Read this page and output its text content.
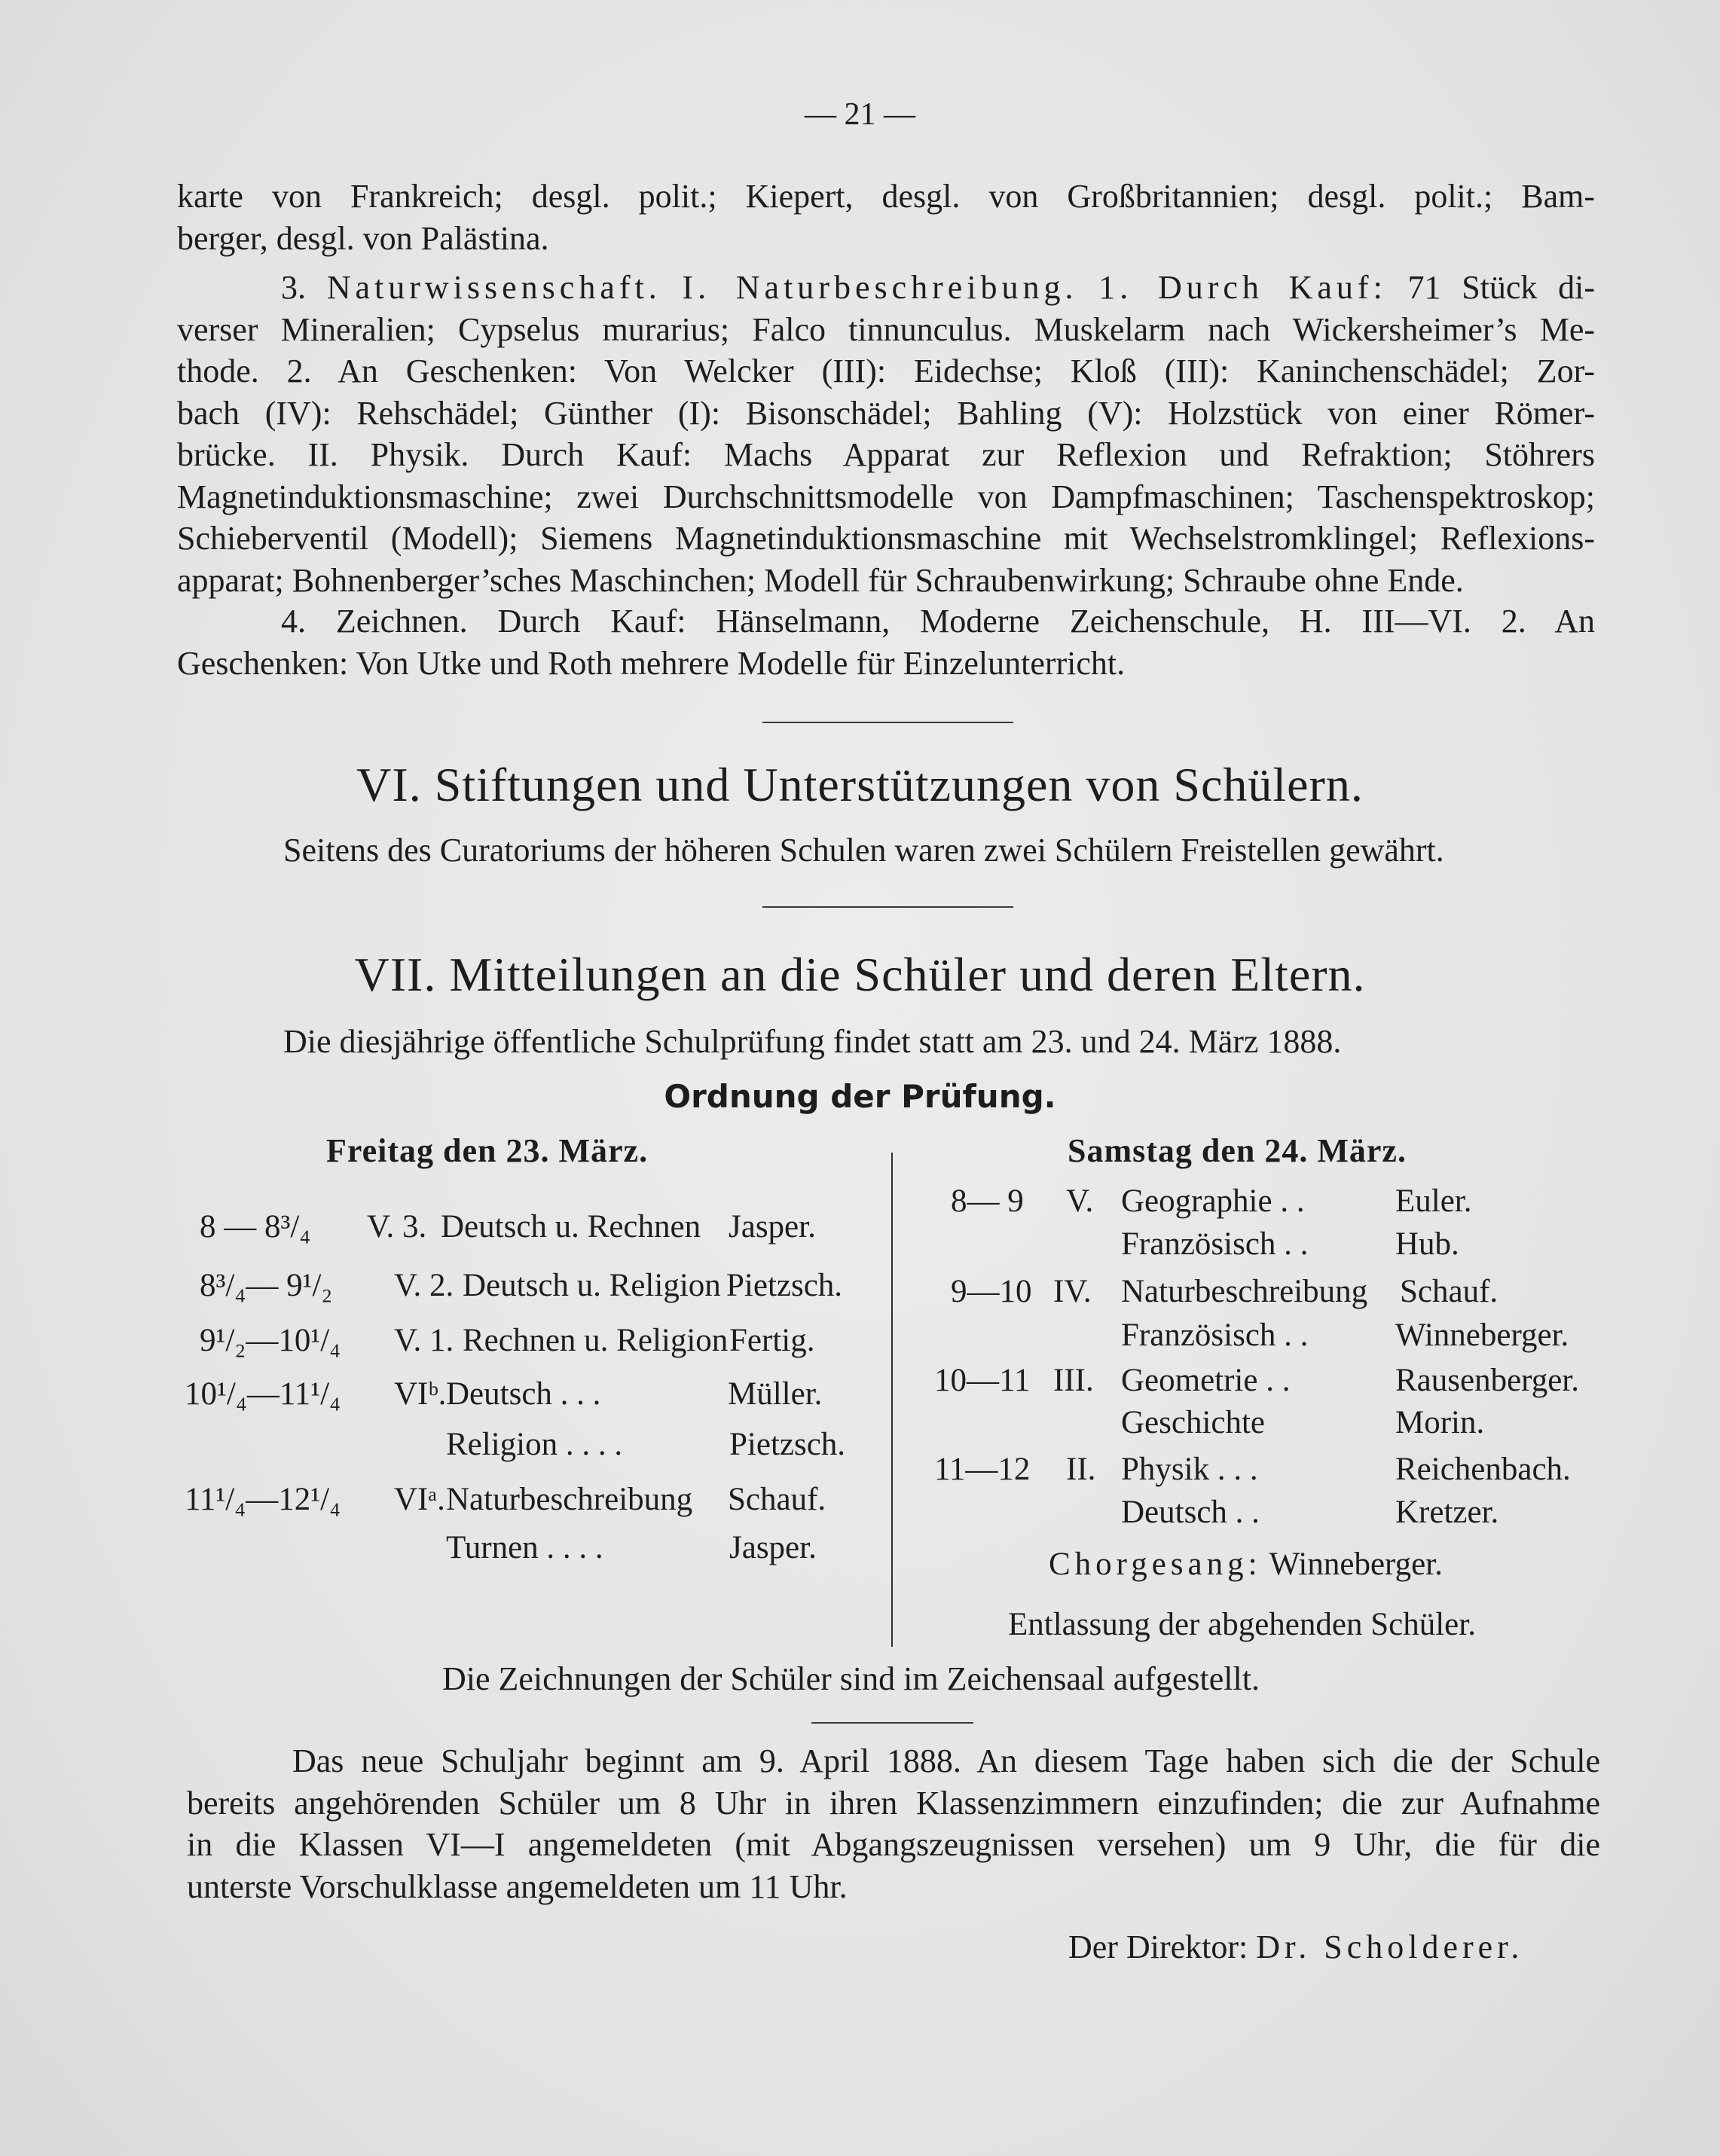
— 21 —
karte von Frankreich; desgl. polit.; Kiepert, desgl. von Großbritannien; desgl. polit.; Bam-
berger, desgl. von Palästina.
3. Naturwissenschaft. I. Naturbeschreibung. 1. Durch Kauf: 71 Stück di-
verser Mineralien; Cypselus murarius; Falco tinnunculus. Muskelarm nach Wickersheimer’s Me-
thode. 2. An Geschenken: Von Welcker (III): Eidechse; Kloß (III): Kaninchenschädel; Zor-
bach (IV): Rehschädel; Günther (I): Bisonschädel; Bahling (V): Holzstück von einer Römer-
brücke. II. Physik. Durch Kauf: Machs Apparat zur Reflexion und Refraktion; Stöhrers
Magnetinduktionsmaschine; zwei Durchschnittsmodelle von Dampfmaschinen; Taschenspektroskop;
Schieberventil (Modell); Siemens Magnetinduktionsmaschine mit Wechselstromklingel; Reflexions-
apparat; Bohnenberger’sches Maschinchen; Modell für Schraubenwirkung; Schraube ohne Ende.
4. Zeichnen. Durch Kauf: Hänselmann, Moderne Zeichenschule, H. III—VI. 2. An
Geschenken: Von Utke und Roth mehrere Modelle für Einzelunterricht.
VI. Stiftungen und Unterstützungen von Schülern.
Seitens des Curatoriums der höheren Schulen waren zwei Schülern Freistellen gewährt.
VII. Mitteilungen an die Schüler und deren Eltern.
Die diesjährige öffentliche Schulprüfung findet statt am 23. und 24. März 1888.
Ordnung der Prüfung.
Freitag den 23. März.
8 — 8³/₄ V. 3. Deutsch u. Rechnen Jasper.
8³/₄— 9¹/₂ V. 2. Deutsch u. Religion Pietzsch.
9¹/₂—10¹/₄ V. 1. Rechnen u. Religion Fertig.
10¹/₄—11¹/₄ VIᵇ. Deutsch . . .	Müller.
Religion . . . .	Pietzsch.
11¹/₄—12¹/₄ VIᵃ. Naturbeschreibung Schauf.
Turnen . . . .	Jasper.
Samstag den 24. März.
8— 9 V. Geographie . .	Euler.
Französisch . .	Hub.
9—10 IV. Naturbeschreibung Schauf.
Französisch . .	Winneberger.
10—11 III. Geometrie . .	Rausenberger.
Geschichte	Morin.
11—12 II. Physik . . .	Reichenbach.
Deutsch . .	Kretzer.
Chorgesang: Winneberger.
Entlassung der abgehenden Schüler.
Die Zeichnungen der Schüler sind im Zeichensaal aufgestellt.
Das neue Schuljahr beginnt am 9. April 1888. An diesem Tage haben sich die der Schule
bereits angehörenden Schüler um 8 Uhr in ihren Klassenzimmern einzufinden; die zur Aufnahme
in die Klassen VI—I angemeldeten (mit Abgangszeugnissen versehen) um 9 Uhr, die für die
unterste Vorschulklasse angemeldeten um 11 Uhr.
Der Direktor: Dr. Scholderer.
